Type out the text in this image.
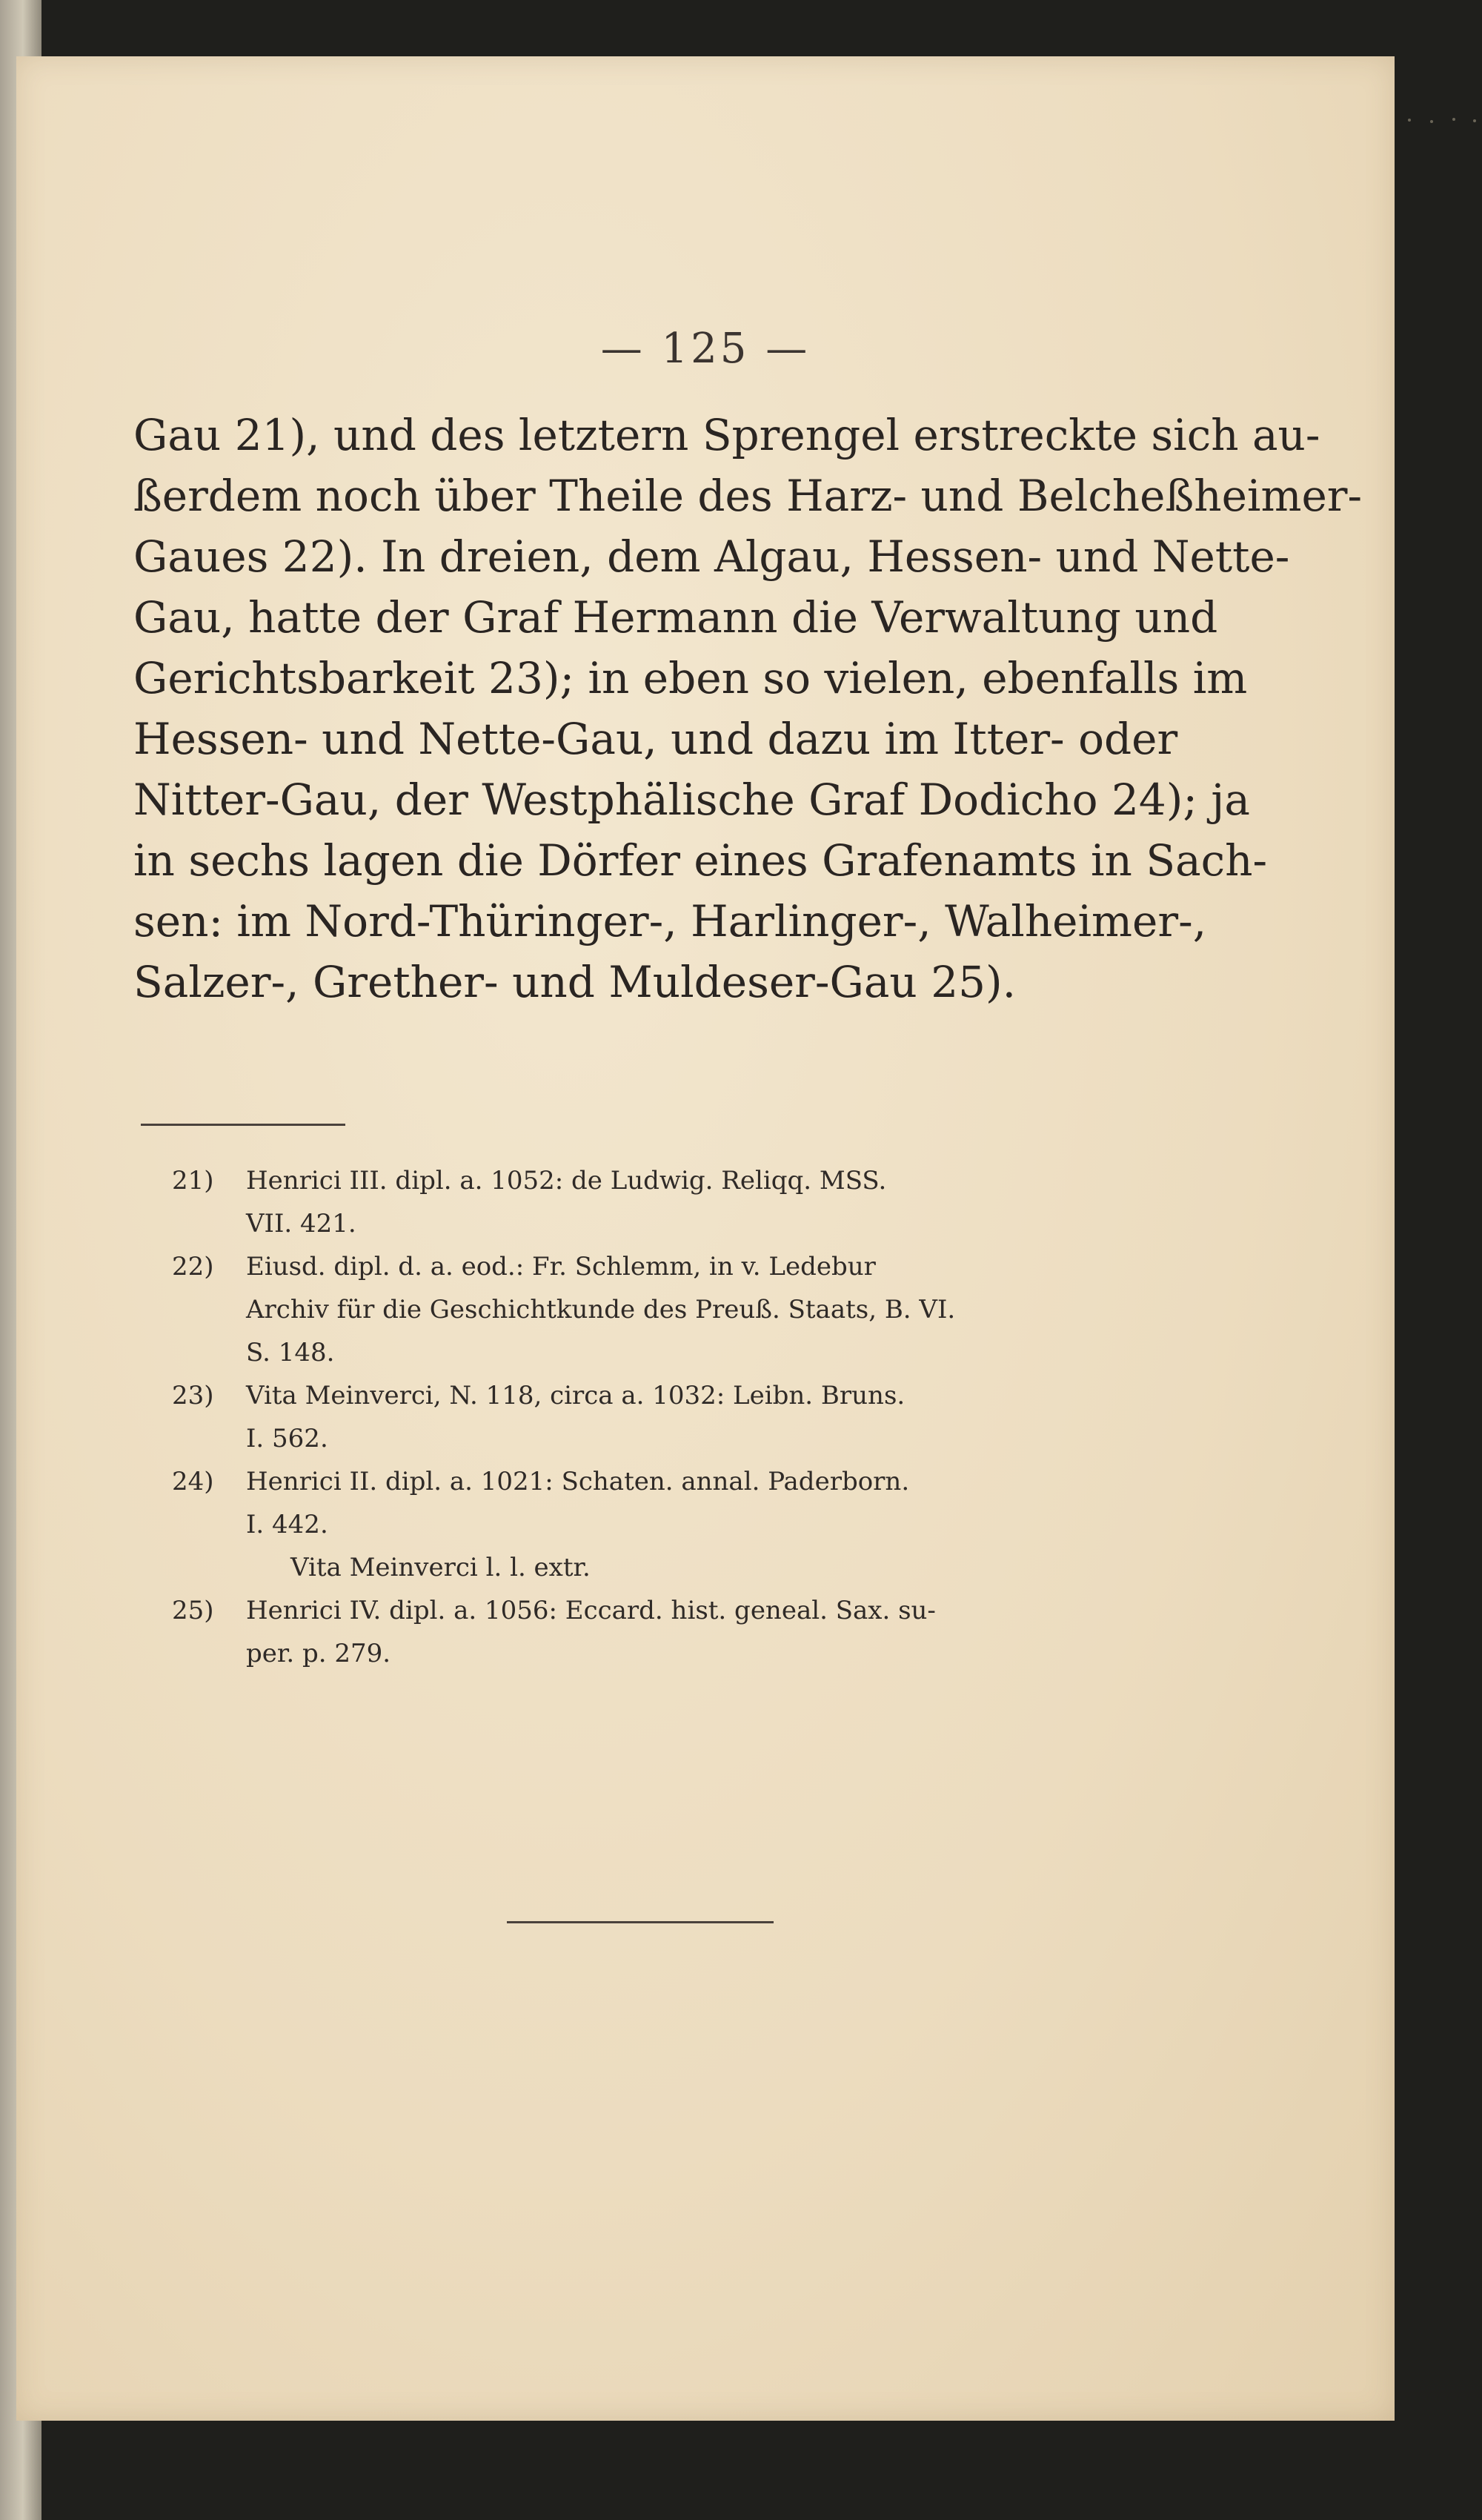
— 125 —
Gau 21), und des letztern Sprengel erstreckte sich au-
ßerdem noch über Theile des Harz- und Belcheßheimer-
Gaues 22). In dreien, dem Algau, Hessen- und Nette-
Gau, hatte der Graf Hermann die Verwaltung und
Gerichtsbarkeit 23); in eben so vielen, ebenfalls im
Hessen- und Nette-Gau, und dazu im Itter- oder
Nitter-Gau, der Westphälische Graf Dodicho 24); ja
in sechs lagen die Dörfer eines Grafenamts in Sach-
sen: im Nord-Thüringer-, Harlinger-, Walheimer-,
Salzer-, Grether- und Muldeser-Gau 25).
21)	Henrici III. dipl. a. 1052: de Ludwig. Reliqq. MSS.
VII. 421.
22)	Eiusd. dipl. d. a. eod.: Fr. Schlemm, in v. Ledebur
Archiv für die Geschichtkunde des Preuß. Staats, B. VI.
S. 148.
23)	Vita Meinverci, N. 118, circa a. 1032: Leibn. Bruns.
I. 562.
24)	Henrici II. dipl. a. 1021: Schaten. annal. Paderborn.
I. 442.
Vita Meinverci l. l. extr.
25)	Henrici IV. dipl. a. 1056: Eccard. hist. geneal. Sax. su-
per. p. 279.
